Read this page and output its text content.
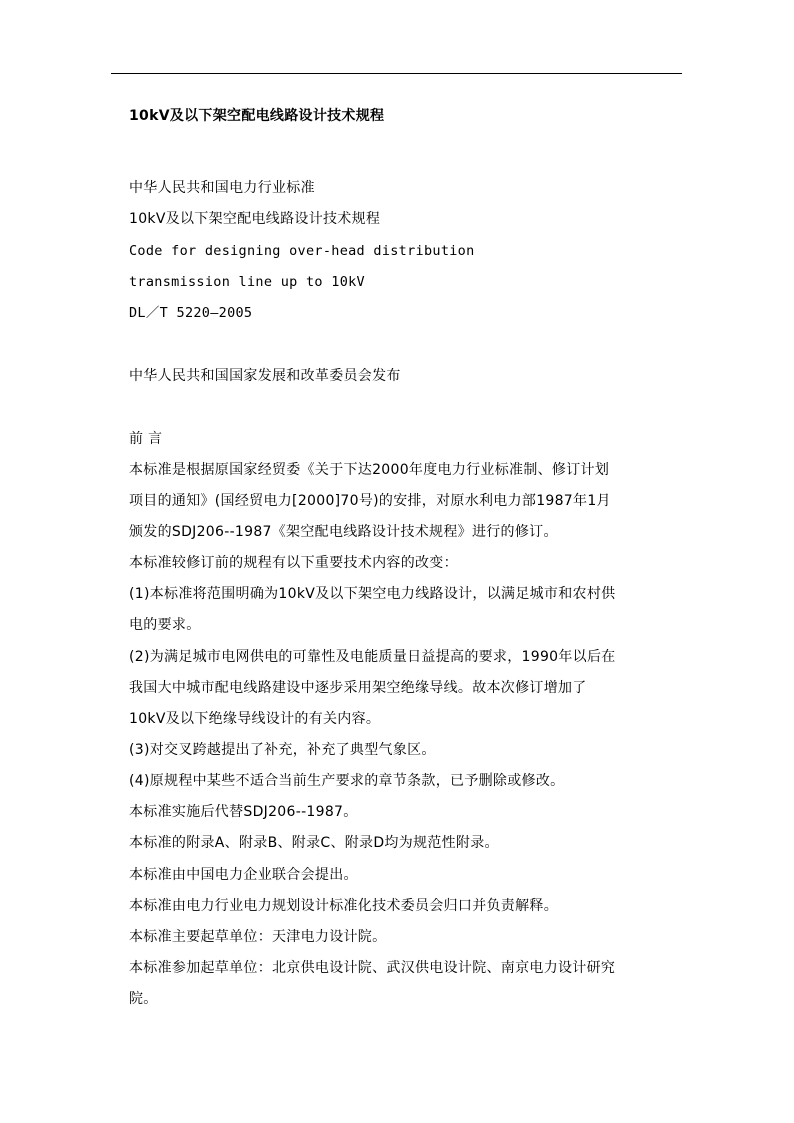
10kV及以下架空配电线路设计技术规程
中华人民共和国电力行业标准
10kV及以下架空配电线路设计技术规程
Code for designing over-head distribution
transmission line up to 10kV
DL／T 5220—2005
中华人民共和国国家发展和改革委员会发布
前 言
本标准是根据原国家经贸委《关于下达2000年度电力行业标准制、修订计划
项目的通知》(国经贸电力[2000]70号)的安排，对原水利电力部1987年1月
颁发的SDJ206--1987《架空配电线路设计技术规程》进行的修订。
本标准较修订前的规程有以下重要技术内容的改变：
(1)本标准将范围明确为10kV及以下架空电力线路设计，以满足城市和农村供
电的要求。
(2)为满足城市电网供电的可靠性及电能质量日益提高的要求，1990年以后在
我国大中城市配电线路建设中逐步采用架空绝缘导线。故本次修订增加了
10kV及以下绝缘导线设计的有关内容。
(3)对交叉跨越提出了补充，补充了典型气象区。
(4)原规程中某些不适合当前生产要求的章节条款，已予删除或修改。
本标准实施后代替SDJ206--1987。
本标准的附录A、附录B、附录C、附录D均为规范性附录。
本标准由中国电力企业联合会提出。
本标准由电力行业电力规划设计标准化技术委员会归口并负责解释。
本标准主要起草单位：天津电力设计院。
本标准参加起草单位：北京供电设计院、武汉供电设计院、南京电力设计研究
院。
